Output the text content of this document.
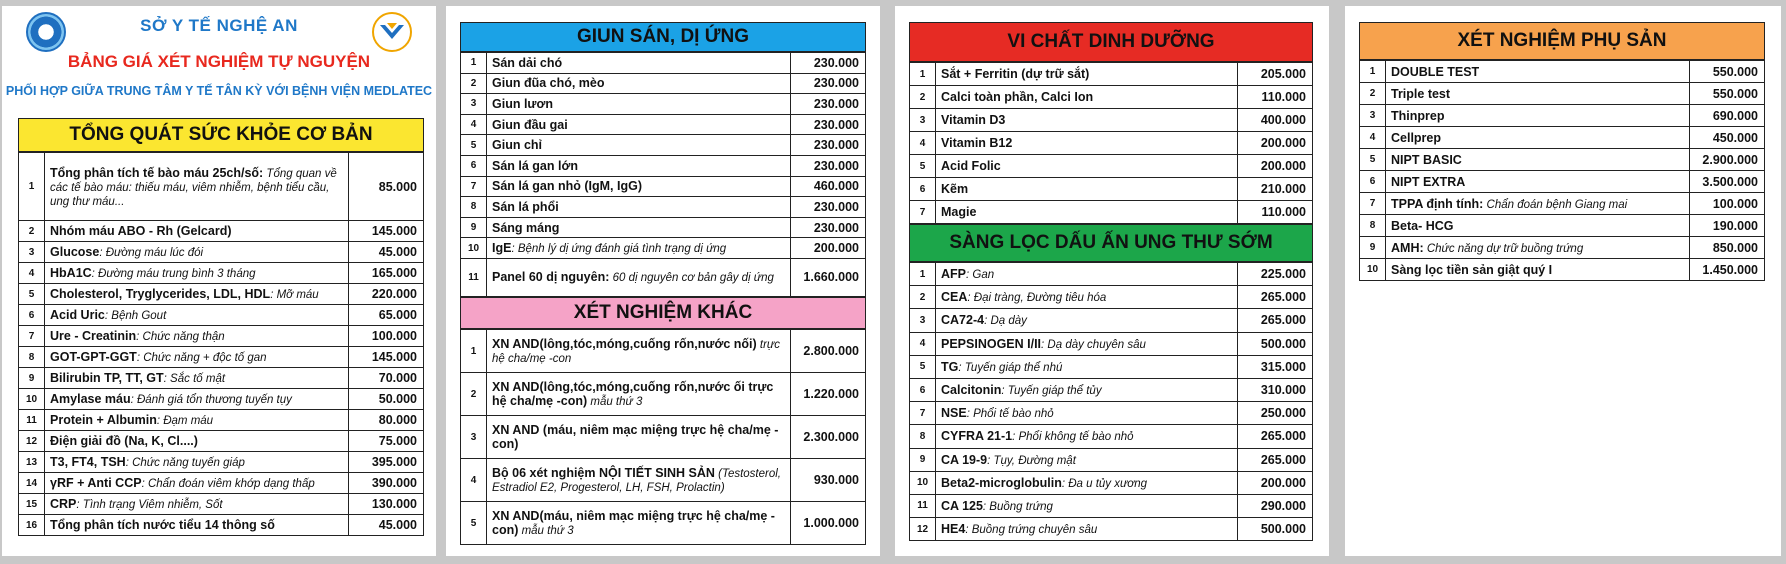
SỞ Y TẾ NGHỆ AN
BẢNG GIÁ XÉT NGHIỆM TỰ NGUYỆN
PHỐI HỢP GIỮA TRUNG TÂM Y TẾ TÂN KỲ VỚI BỆNH VIỆN MEDLATEC
TỔNG QUÁT SỨC KHỎE CƠ BẢN
1	Tổng phân tích tế bào máu 25ch/số: Tổng quan về các tế bào máu: thiếu máu, viêm nhiễm, bệnh tiểu cầu, ung thư máu...	85.000
2	Nhóm máu ABO - Rh (Gelcard)	145.000
3	Glucose: Đường máu lúc đói	45.000
4	HbA1C: Đường máu trung bình 3 tháng	165.000
5	Cholesterol, Tryglycerides, LDL, HDL: Mỡ máu	220.000
6	Acid Uric: Bệnh Gout	65.000
7	Ure - Creatinin: Chức năng thận	100.000
8	GOT-GPT-GGT: Chức năng + độc tố gan	145.000
9	Bilirubin TP, TT, GT: Sắc tố mật	70.000
10	Amylase máu: Đánh giá tổn thương tuyến tụy	50.000
11	Protein + Albumin: Đạm máu	80.000
12	Điện giải đồ (Na, K, Cl....)	75.000
13	T3, FT4, TSH: Chức năng tuyến giáp	395.000
14	γRF + Anti CCP: Chẩn đoán viêm khớp dạng thấp	390.000
15	CRP: Tình trạng Viêm nhiễm, Sốt	130.000
16	Tổng phân tích nước tiểu 14 thông số	45.000
GIUN SÁN, DỊ ỨNG
1	Sán dải chó	230.000
2	Giun đũa chó, mèo	230.000
3	Giun lươn	230.000
4	Giun đầu gai	230.000
5	Giun chỉ	230.000
6	Sán lá gan lớn	230.000
7	Sán lá gan nhỏ (IgM, IgG)	460.000
8	Sán lá phổi	230.000
9	Sáng máng	230.000
10	IgE: Bệnh lý dị ứng đánh giá tình trạng dị ứng	200.000
11	Panel 60 dị nguyên: 60 dị nguyên cơ bản gây dị ứng	1.660.000
XÉT NGHIỆM KHÁC
1	XN AND(lông,tóc,móng,cuống rốn,nước nối) trực hệ cha/mẹ -con	2.800.000
2	XN AND(lông,tóc,móng,cuống rốn,nước ối trực hệ cha/mẹ -con) mẫu thứ 3	1.220.000
3	XN AND (máu, niêm mạc miệng trực hệ cha/mẹ -con)	2.300.000
4	Bộ 06 xét nghiệm NỘI TIẾT SINH SẢN (Testosterol, Estradiol E2, Progesterol, LH, FSH, Prolactin)	930.000
5	XN AND(máu, niêm mạc miệng trực hệ cha/mẹ -con) mẫu thứ 3	1.000.000
VI CHẤT DINH DƯỠNG
1	Sắt + Ferritin (dự trữ sắt)	205.000
2	Calci toàn phần, Calci Ion	110.000
3	Vitamin D3	400.000
4	Vitamin B12	200.000
5	Acid Folic	200.000
6	Kẽm	210.000
7	Magie	110.000
SÀNG LỌC DẤU ẤN UNG THƯ SỚM
1	AFP: Gan	225.000
2	CEA: Đại tràng, Đường tiêu hóa	265.000
3	CA72-4: Dạ dày	265.000
4	PEPSINOGEN I/II: Dạ dày chuyên sâu	500.000
5	TG: Tuyến giáp thể nhú	315.000
6	Calcitonin: Tuyến giáp thể tủy	310.000
7	NSE: Phổi tế bào nhỏ	250.000
8	CYFRA 21-1: Phổi không tế bào nhỏ	265.000
9	CA 19-9: Tụy, Đường mật	265.000
10	Beta2-microglobulin: Đa u tủy xương	200.000
11	CA 125: Buồng trứng	290.000
12	HE4: Buồng trứng chuyên sâu	500.000
XÉT NGHIỆM PHỤ SẢN
1	DOUBLE TEST	550.000
2	Triple test	550.000
3	Thinprep	690.000
4	Cellprep	450.000
5	NIPT BASIC	2.900.000
6	NIPT EXTRA	3.500.000
7	TPPA định tính: Chẩn đoán bệnh Giang mai	100.000
8	Beta- HCG	190.000
9	AMH: Chức năng dự trữ buồng trứng	850.000
10	Sàng lọc tiền sản giật quý I	1.450.000
